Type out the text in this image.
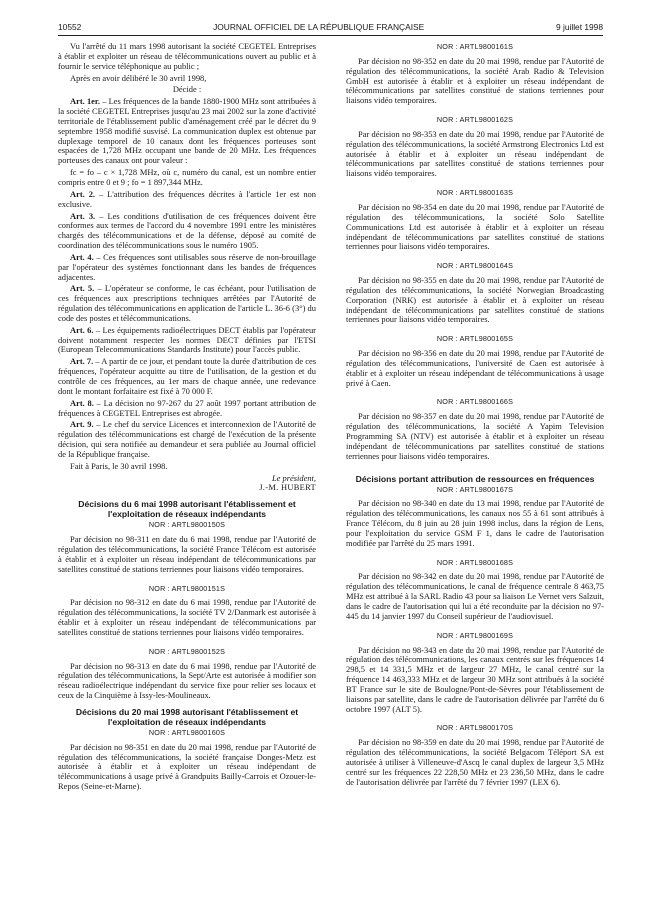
10552	JOURNAL OFFICIEL DE LA RÉPUBLIQUE FRANÇAISE	9 juillet 1998

Vu l'arrêté du 11 mars 1998 autorisant la société CEGETEL Entreprises à établir et exploiter un réseau de télécommunications ouvert au public et à fournir le service téléphonique au public ;

Après en avoir délibéré le 30 avril 1998,

Décide :

Art. 1er. – Les fréquences de la bande 1880-1900 MHz sont attribuées à la société CEGETEL Entreprises jusqu'au 23 mai 2002 sur la zone d'activité territoriale de l'établissement public d'aménagement créé par le décret du 9 septembre 1958 modifié susvisé. La communication duplex est obtenue par duplexage temporel de 10 canaux dont les fréquences porteuses sont espacées de 1,728 MHz occupant une bande de 20 MHz. Les fréquences porteuses des canaux ont pour valeur :

fc = fo – c × 1,728 MHz, où c, numéro du canal, est un nombre entier compris entre 0 et 9 ; fo = 1 897,344 MHz.

Art. 2. – L'attribution des fréquences décrites à l'article 1er est non exclusive.

Art. 3. – Les conditions d'utilisation de ces fréquences doivent être conformes aux termes de l'accord du 4 novembre 1991 entre les ministères chargés des télécommunications et de la défense, déposé au comité de coordination des télécommunications sous le numéro 1905.

Art. 4. – Ces fréquences sont utilisables sous réserve de non-brouillage par l'opérateur des systèmes fonctionnant dans les bandes de fréquences adjacentes.

Art. 5. – L'opérateur se conforme, le cas échéant, pour l'utilisation de ces fréquences aux prescriptions techniques arrêtées par l'Autorité de régulation des télécommunications en application de l'article L. 36-6 (3°) du code des postes et télécommunications.

Art. 6. – Les équipements radioélectriques DECT établis par l'opérateur doivent notamment respecter les normes DECT définies par l'ETSI (European Telecommunications Standards Institute) pour l'accès public.

Art. 7. – A partir de ce jour, et pendant toute la durée d'attribution de ces fréquences, l'opérateur acquitte au titre de l'utilisation, de la gestion et du contrôle de ces fréquences, au 1er mars de chaque année, une redevance dont le montant forfaitaire est fixé à 70 000 F.

Art. 8. – La décision no 97-267 du 27 août 1997 portant attribution de fréquences à CEGETEL Entreprises est abrogée.

Art. 9. – Le chef du service Licences et interconnexion de l'Autorité de régulation des télécommunications est chargé de l'exécution de la présente décision, qui sera notifiée au demandeur et sera publiée au Journal officiel de la République française.

Fait à Paris, le 30 avril 1998.

Le président,

J.-M. HUBERT

Décisions du 6 mai 1998 autorisant l'établissement et l'exploitation de réseaux indépendants
NOR : ARTL9800150S

Par décision no 98-311 en date du 6 mai 1998, rendue par l'Autorité de régulation des télécommunications, la société France Télécom est autorisée à établir et à exploiter un réseau indépendant de télécommunications par satellites constitué de stations terriennes pour liaisons vidéo temporaires.

NOR : ARTL9800151S

Par décision no 98-312 en date du 6 mai 1998, rendue par l'Autorité de régulation des télécommunications, la société TV 2/Danmark est autorisée à établir et à exploiter un réseau indépendant de télécommunications par satellites constitué de stations terriennes pour liaisons vidéo temporaires.

NOR : ARTL9800152S

Par décision no 98-313 en date du 6 mai 1998, rendue par l'Autorité de régulation des télécommunications, la Sept/Arte est autorisée à modifier son réseau radioélectrique indépendant du service fixe pour relier ses locaux et ceux de la Cinquième à Issy-les-Moulineaux.

Décisions du 20 mai 1998 autorisant l'établissement et l'exploitation de réseaux indépendants
NOR : ARTL9800160S

Par décision no 98-351 en date du 20 mai 1998, rendue par l'Autorité de régulation des télécommunications, la société française Donges-Metz est autorisée à établir et à exploiter un réseau indépendant de télécommunications à usage privé à Grandpuits Bailly-Carrois et Ozouer-le-Repos (Seine-et-Marne).

NOR : ARTL9800161S

Par décision no 98-352 en date du 20 mai 1998, rendue par l'Autorité de régulation des télécommunications, la société Arab Radio & Television GmbH est autorisée à établir et à exploiter un réseau indépendant de télécommunications par satellites constitué de stations terriennes pour liaisons vidéo temporaires.

NOR : ARTL9800162S

Par décision no 98-353 en date du 20 mai 1998, rendue par l'Autorité de régulation des télécommunications, la société Armstrong Electronics Ltd est autorisée à établir et à exploiter un réseau indépendant de télécommunications par satellites constitué de stations terriennes pour liaisons vidéo temporaires.

NOR : ARTL9800163S

Par décision no 98-354 en date du 20 mai 1998, rendue par l'Autorité de régulation des télécommunications, la société Solo Satellite Communications Ltd est autorisée à établir et à exploiter un réseau indépendant de télécommunications par satellites constitué de stations terriennes pour liaisons vidéo temporaires.

NOR : ARTL9800164S

Par décision no 98-355 en date du 20 mai 1998, rendue par l'Autorité de régulation des télécommunications, la société Norwegian Broadcasting Corporation (NRK) est autorisée à établir et à exploiter un réseau indépendant de télécommunications par satellites constitué de stations terriennes pour liaisons vidéo temporaires.

NOR : ARTL9800165S

Par décision no 98-356 en date du 20 mai 1998, rendue par l'Autorité de régulation des télécommunications, l'université de Caen est autorisée à établir et à exploiter un réseau indépendant de télécommunications à usage privé à Caen.

NOR : ARTL9800166S

Par décision no 98-357 en date du 20 mai 1998, rendue par l'Autorité de régulation des télécommunications, la société A Yapim Television Programming SA (NTV) est autorisée à établir et à exploiter un réseau indépendant de télécommunications par satellites constitué de stations terriennes pour liaisons vidéo temporaires.

Décisions portant attribution de ressources en fréquences
NOR : ARTL9800167S

Par décision no 98-340 en date du 13 mai 1998, rendue par l'Autorité de régulation des télécommunications, les canaux nos 55 à 61 sont attribués à France Télécom, du 8 juin au 28 juin 1998 inclus, dans la région de Lens, pour l'exploitation du service GSM F 1, dans le cadre de l'autorisation modifiée par l'arrêté du 25 mars 1991.

NOR : ARTL9800168S

Par décision no 98-342 en date du 20 mai 1998, rendue par l'Autorité de régulation des télécommunications, le canal de fréquence centrale 8 463,75 MHz est attribué à la SARL Radio 43 pour sa liaison Le Vernet vers Salzuit, dans le cadre de l'autorisation qui lui a été reconduite par la décision no 97-445 du 14 janvier 1997 du Conseil supérieur de l'audiovisuel.

NOR : ARTL9800169S

Par décision no 98-343 en date du 20 mai 1998, rendue par l'Autorité de régulation des télécommunications, les canaux centrés sur les fréquences 14 298,5 et 14 331,5 MHz et de largeur 27 MHz, le canal centré sur la fréquence 14 463,333 MHz et de largeur 30 MHz sont attribués à la société BT France sur le site de Boulogne/Pont-de-Sèvres pour l'établissement de liaisons par satellite, dans le cadre de l'autorisation délivrée par l'arrêté du 6 octobre 1997 (ALT 5).

NOR : ARTL9800170S

Par décision no 98-359 en date du 20 mai 1998, rendue par l'Autorité de régulation des télécommunications, la société Belgacom Téléport SA est autorisée à utiliser à Villeneuve-d'Ascq le canal duplex de largeur 3,5 MHz centré sur les fréquences 22 228,50 MHz et 23 236,50 MHz, dans le cadre de l'autorisation délivrée par l'arrêté du 7 février 1997 (LEX 6).
